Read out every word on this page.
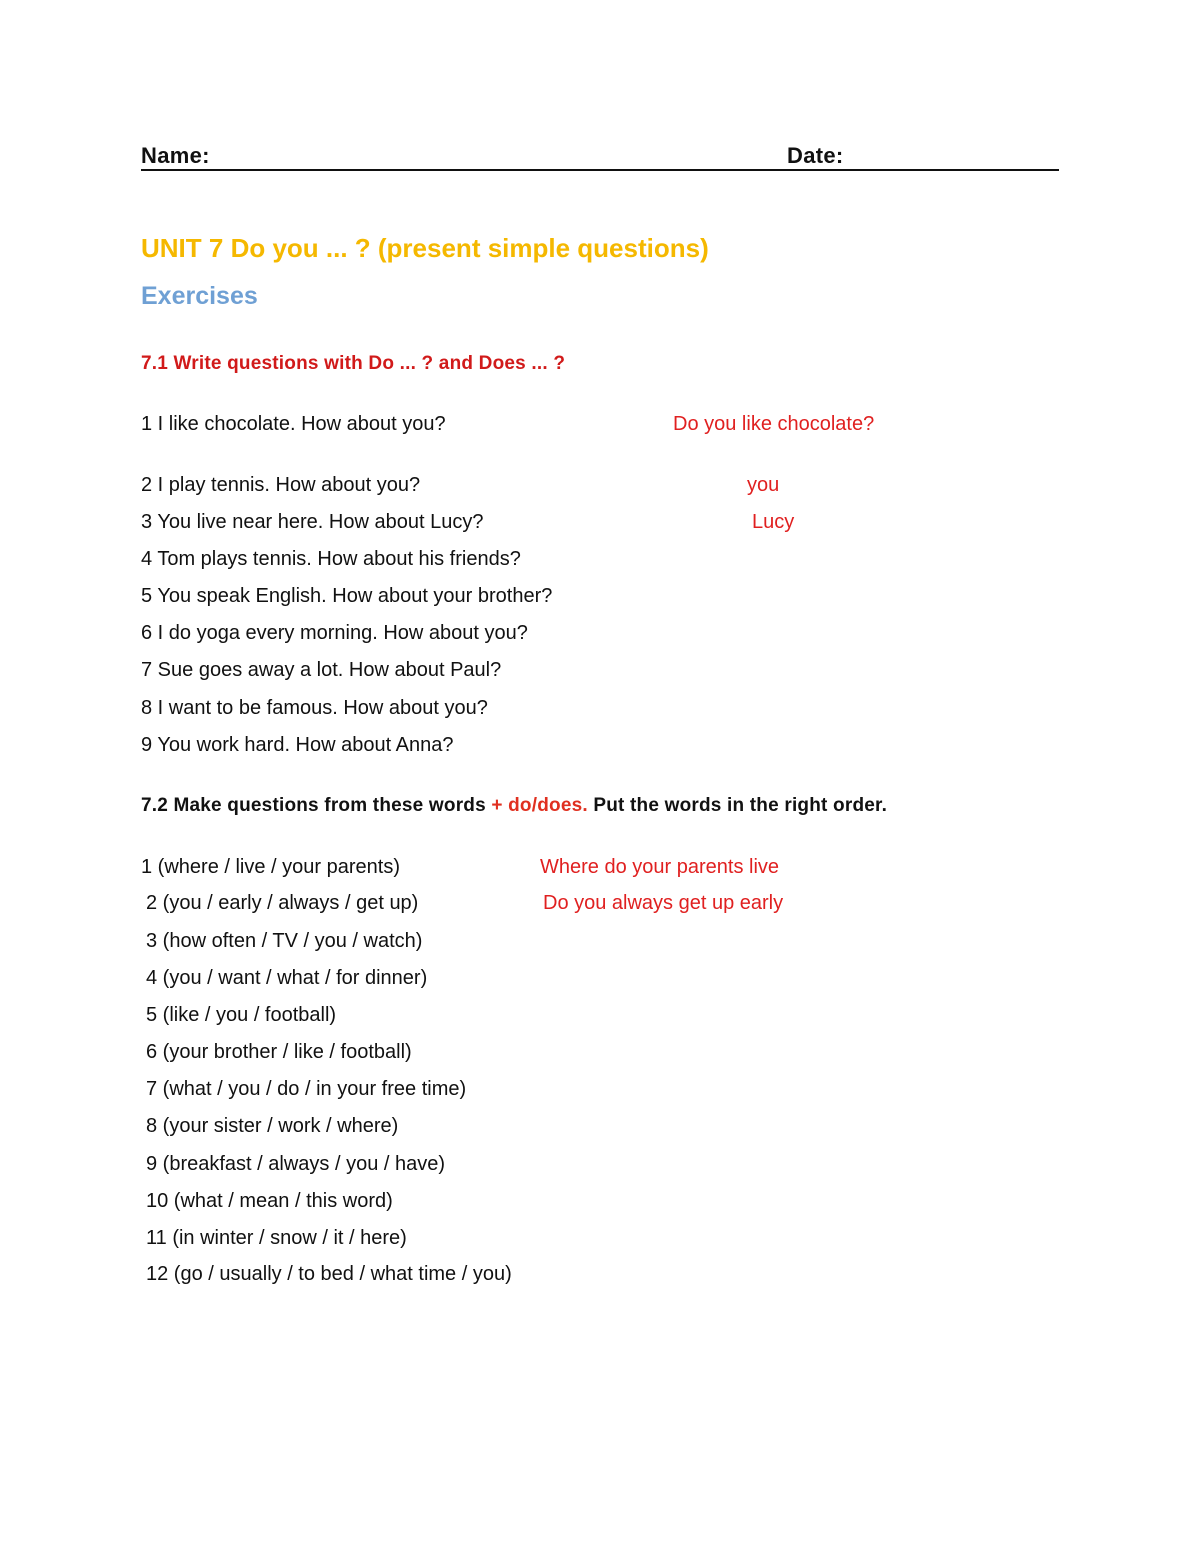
Name:	Date:
UNIT 7 Do you ... ? (present simple questions)
Exercises
7.1 Write questions with Do ... ? and Does ... ?
1 I like chocolate. How about you?	Do you like chocolate?
2 I play tennis. How about you?	you
3 You live near here. How about Lucy?	Lucy
4 Tom plays tennis. How about his friends?
5 You speak English. How about your brother?
6 I do yoga every morning. How about you?
7 Sue goes away a lot. How about Paul?
8 I want to be famous. How about you?
9 You work hard. How about Anna?
7.2 Make questions from these words + do/does. Put the words in the right order.
1 (where / live / your parents)	Where do your parents live
2 (you / early / always / get up)	Do you always get up early
3 (how often / TV / you / watch)
4 (you / want / what / for dinner)
5 (like / you / football)
6 (your brother / like / football)
7 (what / you / do / in your free time)
8 (your sister / work / where)
9 (breakfast / always / you / have)
10 (what / mean / this word)
11 (in winter / snow / it / here)
12 (go / usually / to bed / what time / you)
